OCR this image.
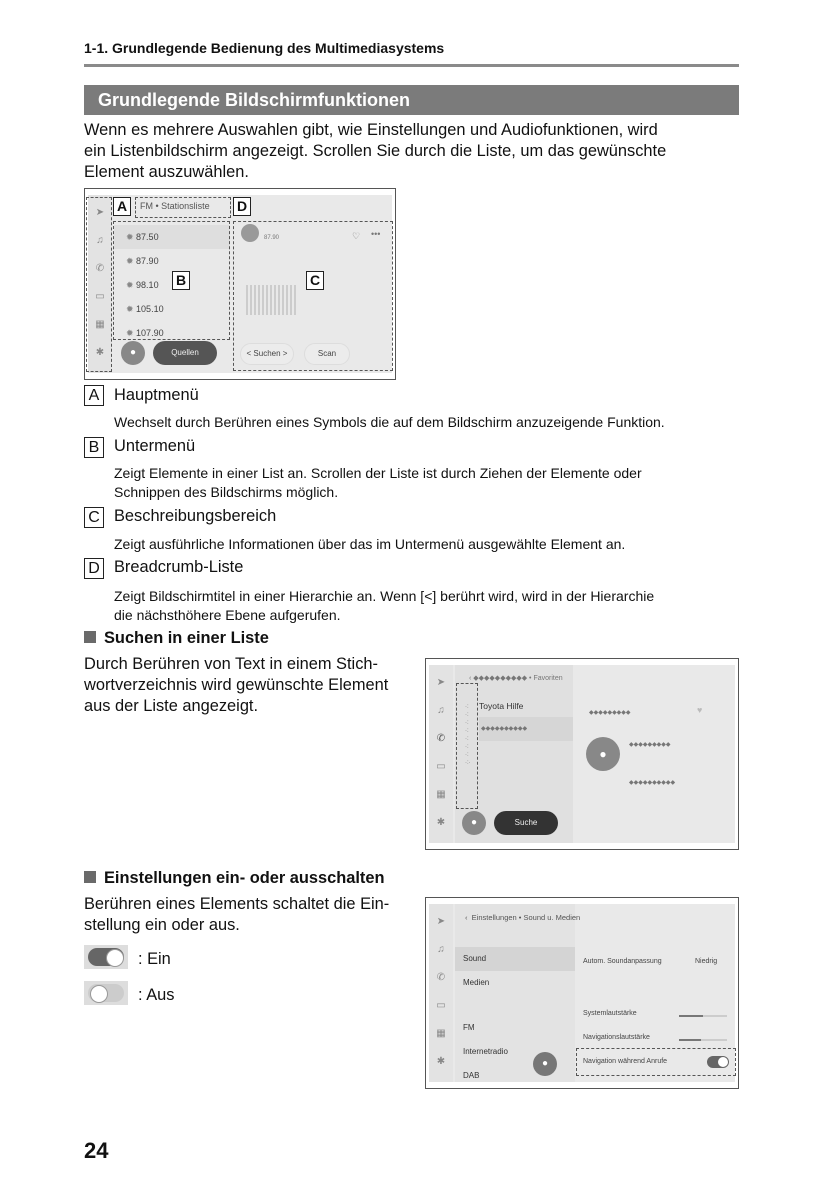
1-1. Grundlegende Bedienung des Multimediasystems
Grundlegende Bildschirmfunktionen
Wenn es mehrere Auswahlen gibt, wie Einstellungen und Audiofunktionen, wird
ein Listenbildschirm angezeigt. Scrollen Sie durch die Liste, um das gewünschte
Element auszuwählen.
➤
♫
✆
▭
▦
✱
FM • Stationsliste
✹ 87.50
✹ 87.90
✹ 98.10
✹ 105.10
✹ 107.90
●	Quellen
87.90	♡ •••
< Suchen >	Scan
A	D
B	C
A Hauptmenü
Wechselt durch Berühren eines Symbols die auf dem Bildschirm anzuzeigende Funktion.
B Untermenü
Zeigt Elemente in einer List an. Scrollen der Liste ist durch Ziehen der Elemente oder
Schnippen des Bildschirms möglich.
C Beschreibungsbereich
Zeigt ausführliche Informationen über das im Untermenü ausgewählte Element an.
D Breadcrumb-Liste
Zeigt Bildschirmtitel in einer Hierarchie an. Wenn [<] berührt wird, wird in der Hierarchie
die nächsthöhere Ebene aufgerufen.
Suchen in einer Liste
Durch Berühren von Text in einem Stich-
wortverzeichnis wird gewünschte Element
aus der Liste angezeigt.
➤
♫
✆
▭
▦
✱
‹ ◆◆◆◆◆◆◆◆◆◆ • Favoriten
Toyota Hilfe
◆◆◆◆◆◆◆◆◆◆
·:·:·:·:·:·:·:·:·
◆◆◆◆◆◆◆◆◆	♥
●
◆◆◆◆◆◆◆◆◆
◆◆◆◆◆◆◆◆◆◆
●	Suche
Einstellungen ein- oder ausschalten
Berühren eines Elements schaltet die Ein-
stellung ein oder aus.
: Ein
: Aus
➤
♫
✆
▭
▦
✱
‹  Einstellungen • Sound u. Medien
Sound
Medien
FM
●
Internetradio
DAB
Autom. Soundanpassung	Niedrig
Systemlautstärke
Navigationslautstärke
Navigation während Anrufe
24
